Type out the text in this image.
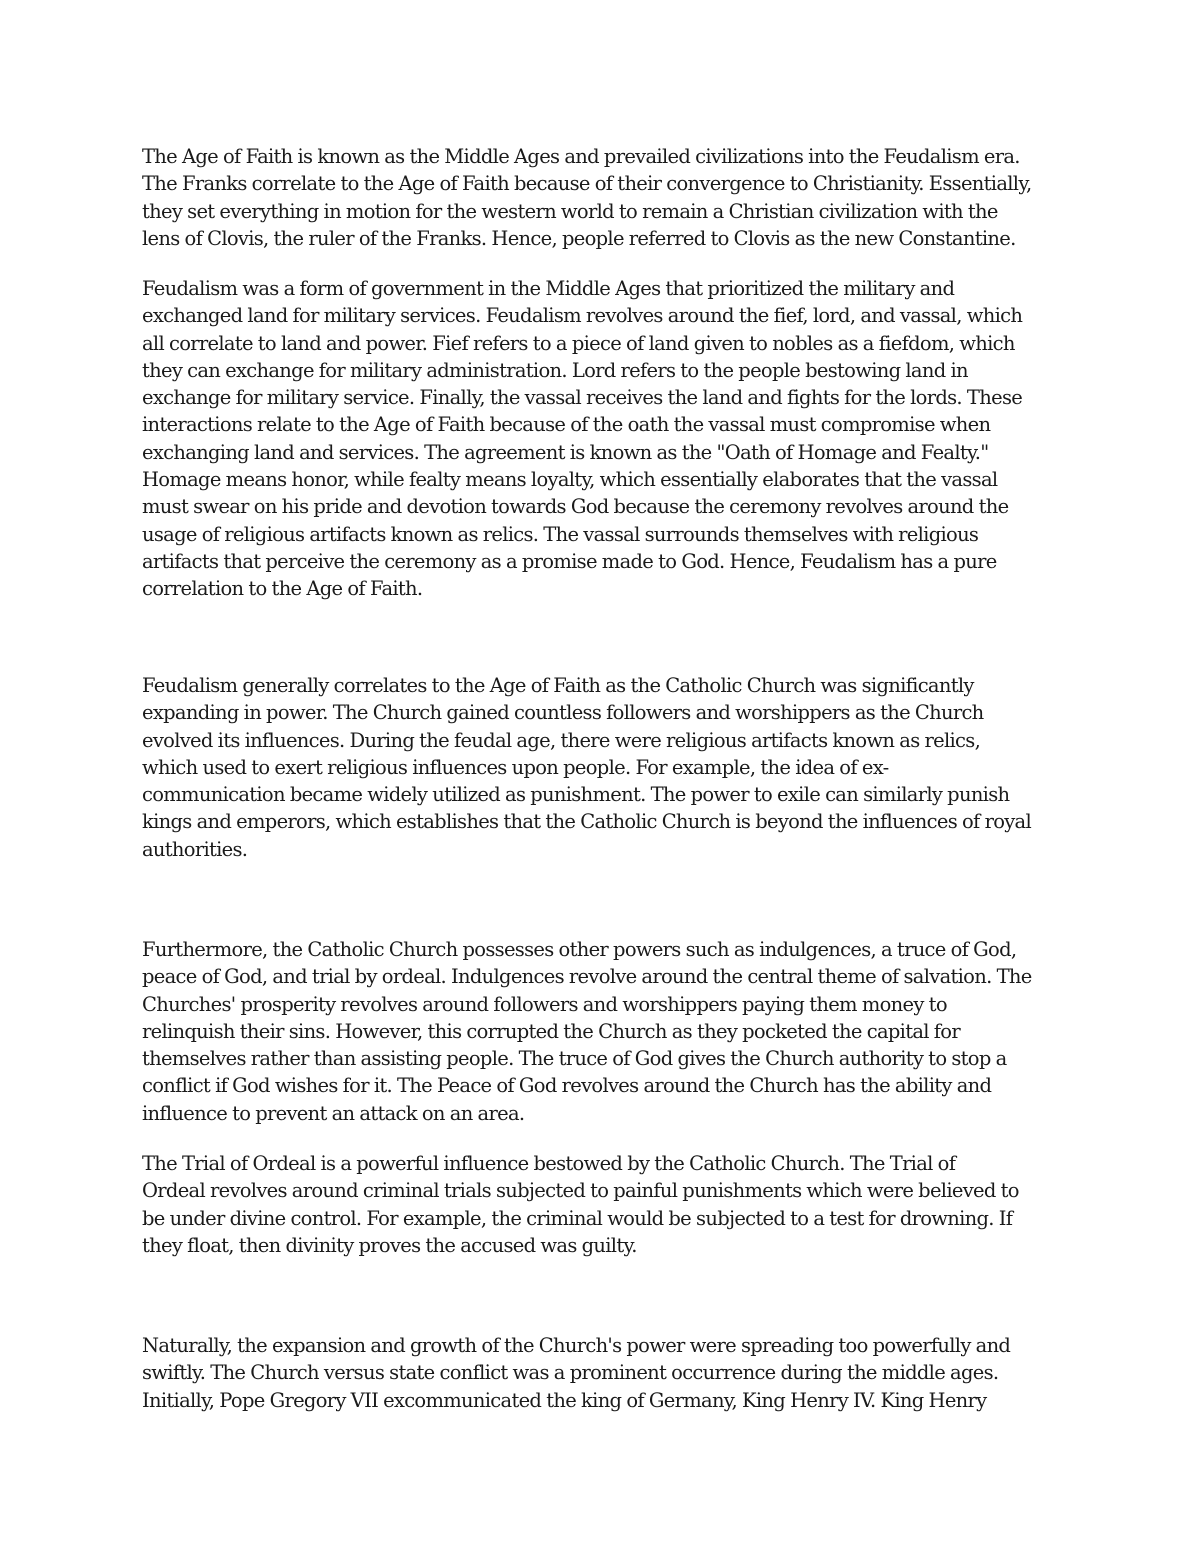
The Age of Faith is known as the Middle Ages and prevailed civilizations into the Feudalism era.
The Franks correlate to the Age of Faith because of their convergence to Christianity. Essentially,
they set everything in motion for the western world to remain a Christian civilization with the
lens of Clovis, the ruler of the Franks. Hence, people referred to Clovis as the new Constantine.

Feudalism was a form of government in the Middle Ages that prioritized the military and
exchanged land for military services. Feudalism revolves around the fief, lord, and vassal, which
all correlate to land and power. Fief refers to a piece of land given to nobles as a fiefdom, which
they can exchange for military administration. Lord refers to the people bestowing land in
exchange for military service. Finally, the vassal receives the land and fights for the lords. These
interactions relate to the Age of Faith because of the oath the vassal must compromise when
exchanging land and services. The agreement is known as the "Oath of Homage and Fealty."
Homage means honor, while fealty means loyalty, which essentially elaborates that the vassal
must swear on his pride and devotion towards God because the ceremony revolves around the
usage of religious artifacts known as relics. The vassal surrounds themselves with religious
artifacts that perceive the ceremony as a promise made to God. Hence, Feudalism has a pure
correlation to the Age of Faith.

Feudalism generally correlates to the Age of Faith as the Catholic Church was significantly
expanding in power. The Church gained countless followers and worshippers as the Church
evolved its influences. During the feudal age, there were religious artifacts known as relics,
which used to exert religious influences upon people. For example, the idea of ex-
communication became widely utilized as punishment. The power to exile can similarly punish
kings and emperors, which establishes that the Catholic Church is beyond the influences of royal
authorities.

Furthermore, the Catholic Church possesses other powers such as indulgences, a truce of God,
peace of God, and trial by ordeal. Indulgences revolve around the central theme of salvation. The
Churches' prosperity revolves around followers and worshippers paying them money to
relinquish their sins. However, this corrupted the Church as they pocketed the capital for
themselves rather than assisting people. The truce of God gives the Church authority to stop a
conflict if God wishes for it. The Peace of God revolves around the Church has the ability and
influence to prevent an attack on an area.

The Trial of Ordeal is a powerful influence bestowed by the Catholic Church. The Trial of
Ordeal revolves around criminal trials subjected to painful punishments which were believed to
be under divine control. For example, the criminal would be subjected to a test for drowning. If
they float, then divinity proves the accused was guilty.

Naturally, the expansion and growth of the Church's power were spreading too powerfully and
swiftly. The Church versus state conflict was a prominent occurrence during the middle ages.
Initially, Pope Gregory VII excommunicated the king of Germany, King Henry IV. King Henry
